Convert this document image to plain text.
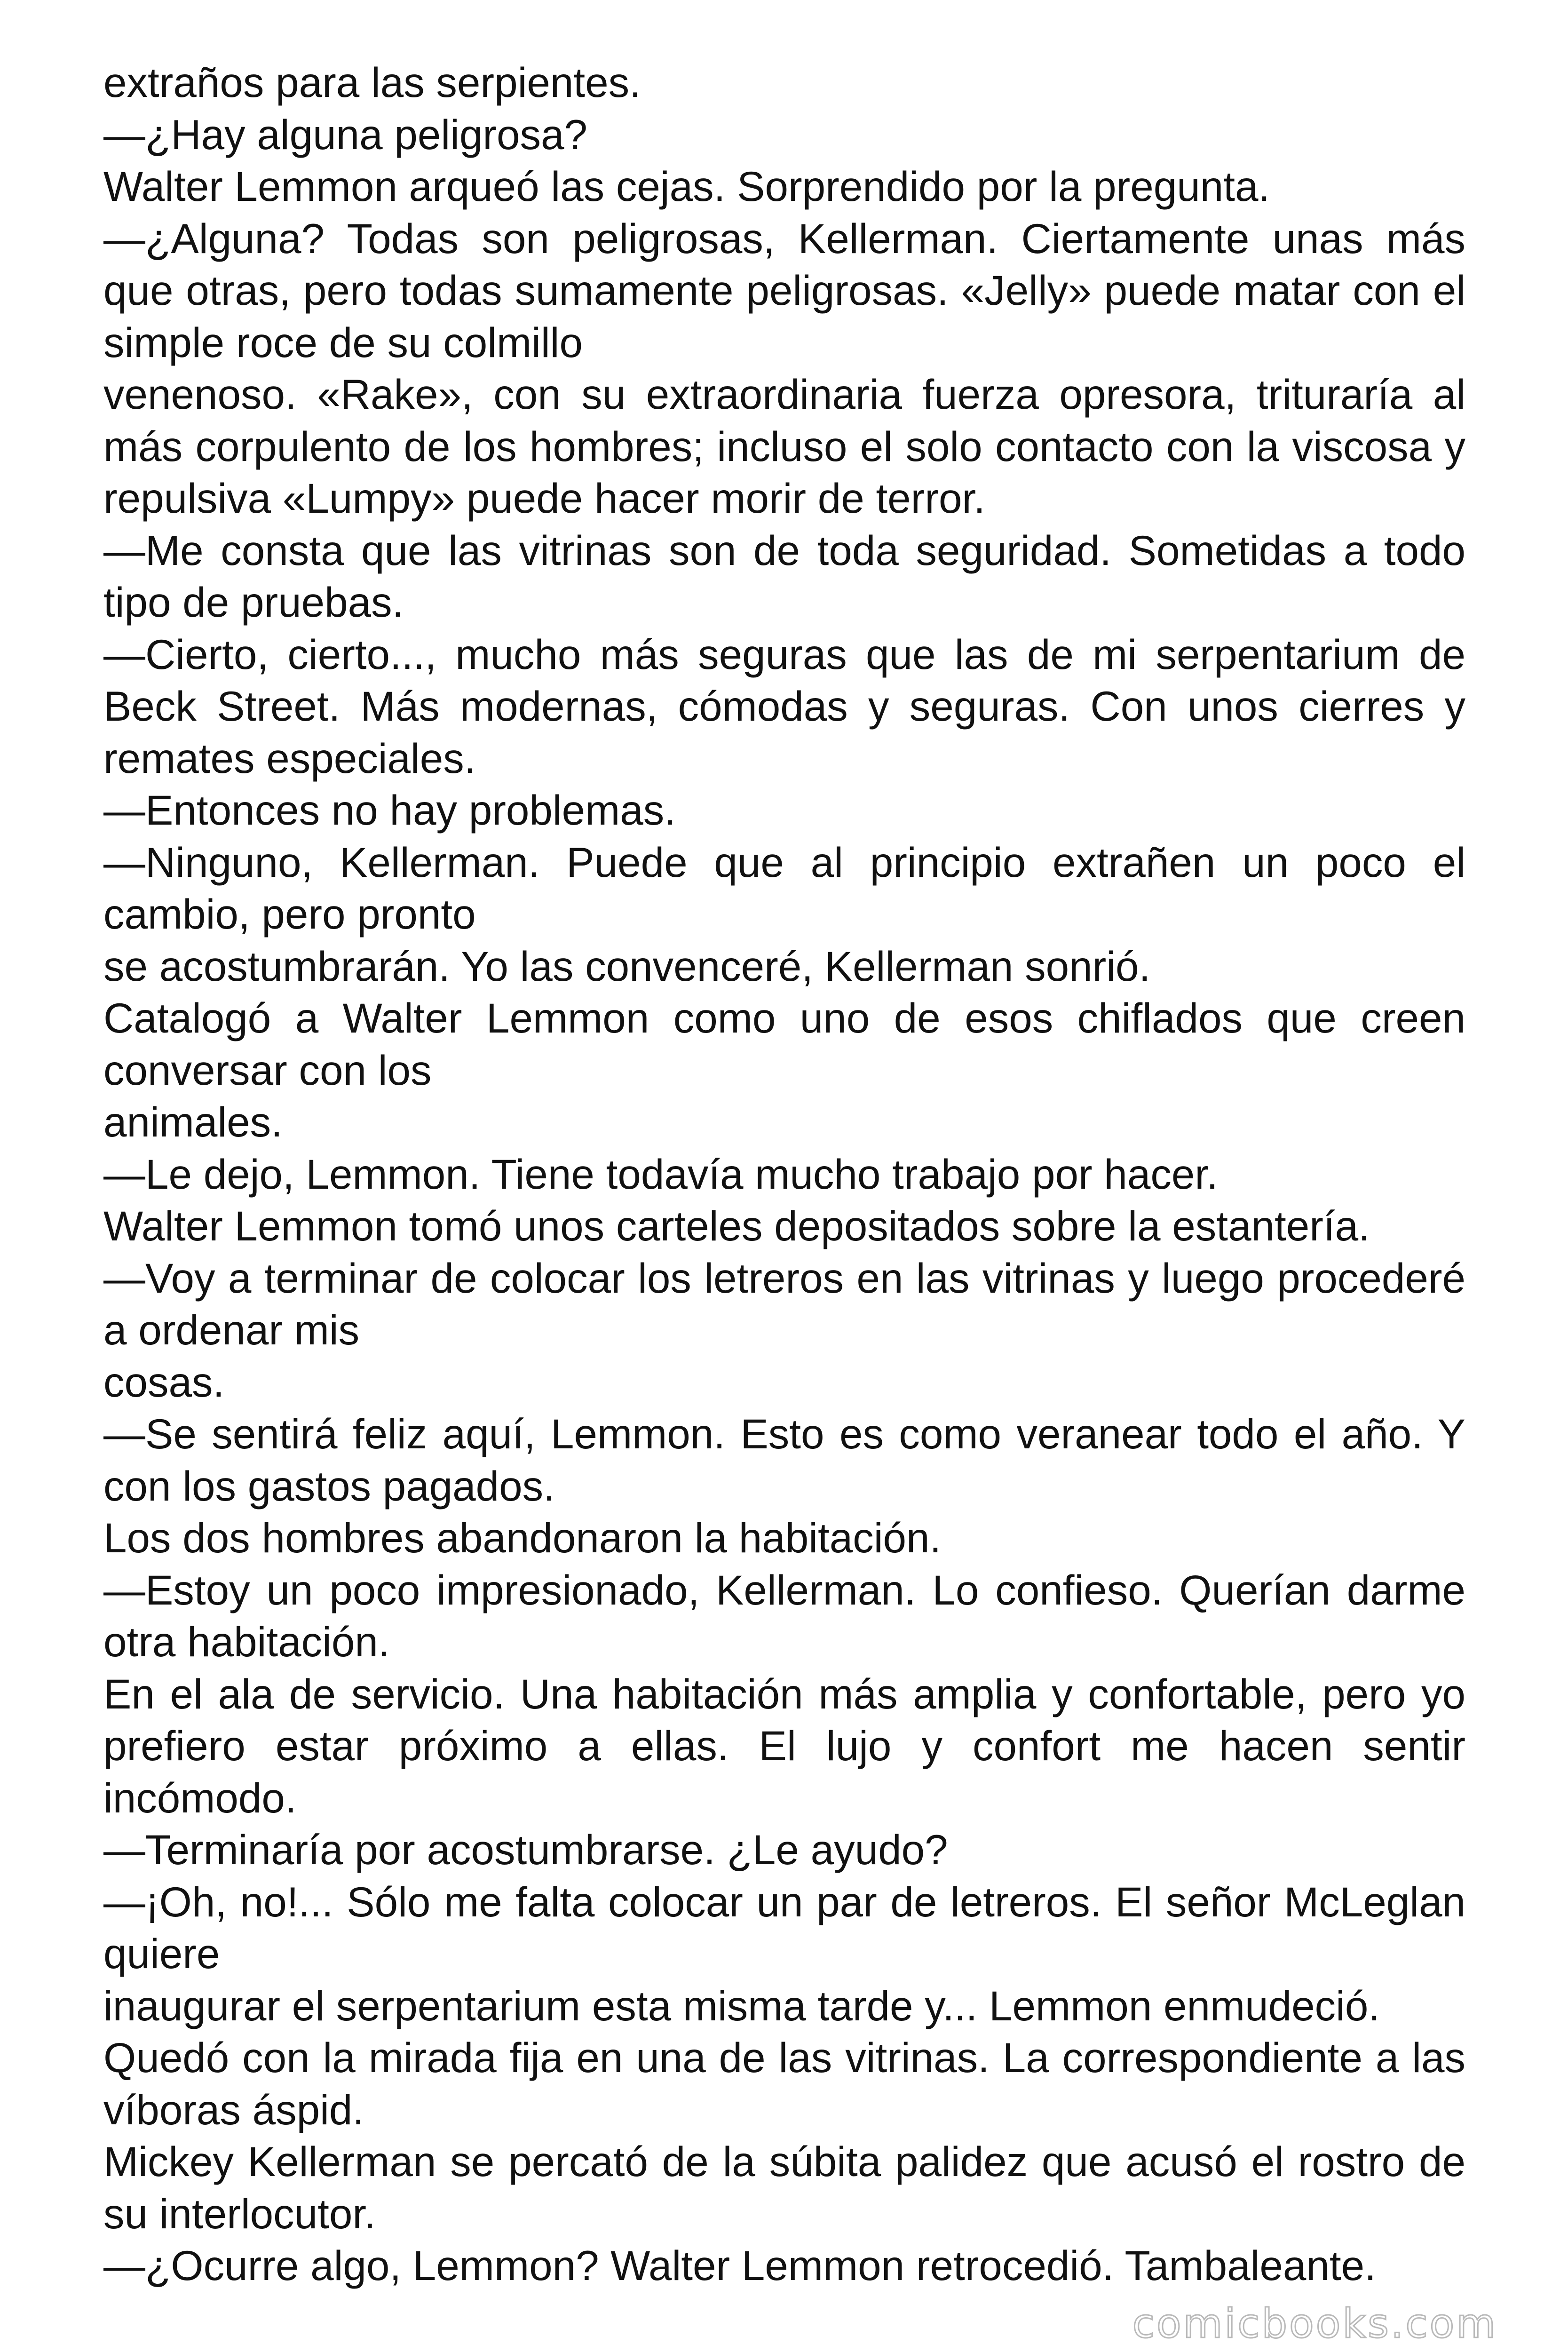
extraños para las serpientes.

—¿Hay alguna peligrosa?

Walter Lemmon arqueó las cejas. Sorprendido por la pregunta.

—¿Alguna? Todas son peligrosas, Kellerman. Ciertamente unas más que otras, pero todas sumamente peligrosas. «Jelly» puede matar con el simple roce de su colmillo

venenoso. «Rake», con su extraordinaria fuerza opresora, trituraría al más corpulento de los hombres; incluso el solo contacto con la viscosa y repulsiva «Lumpy» puede hacer morir de terror.

—Me consta que las vitrinas son de toda seguridad. Sometidas a todo tipo de pruebas.

—Cierto, cierto..., mucho más seguras que las de mi serpentarium de Beck Street. Más modernas, cómodas y seguras. Con unos cierres y remates especiales.

—Entonces no hay problemas.

—Ninguno, Kellerman. Puede que al principio extrañen un poco el cambio, pero pronto

se acostumbrarán. Yo las convenceré, Kellerman sonrió.

Catalogó a Walter Lemmon como uno de esos chiflados que creen conversar con los

animales.

—Le dejo, Lemmon. Tiene todavía mucho trabajo por hacer.

Walter Lemmon tomó unos carteles depositados sobre la estantería.

—Voy a terminar de colocar los letreros en las vitrinas y luego procederé a ordenar mis

cosas.

—Se sentirá feliz aquí, Lemmon. Esto es como veranear todo el año. Y con los gastos pagados.

Los dos hombres abandonaron la habitación.

—Estoy un poco impresionado, Kellerman. Lo confieso. Querían darme otra habitación.

En el ala de servicio. Una habitación más amplia y confortable, pero yo prefiero estar próximo a ellas. El lujo y confort me hacen sentir incómodo.

—Terminaría por acostumbrarse. ¿Le ayudo?

—¡Oh, no!... Sólo me falta colocar un par de letreros. El señor McLeglan quiere

inaugurar el serpentarium esta misma tarde y... Lemmon enmudeció.

Quedó con la mirada fija en una de las vitrinas. La correspondiente a las víboras áspid.

Mickey Kellerman se percató de la súbita palidez que acusó el rostro de su interlocutor.

—¿Ocurre algo, Lemmon? Walter Lemmon retrocedió. Tambaleante.

comicbooks.com
